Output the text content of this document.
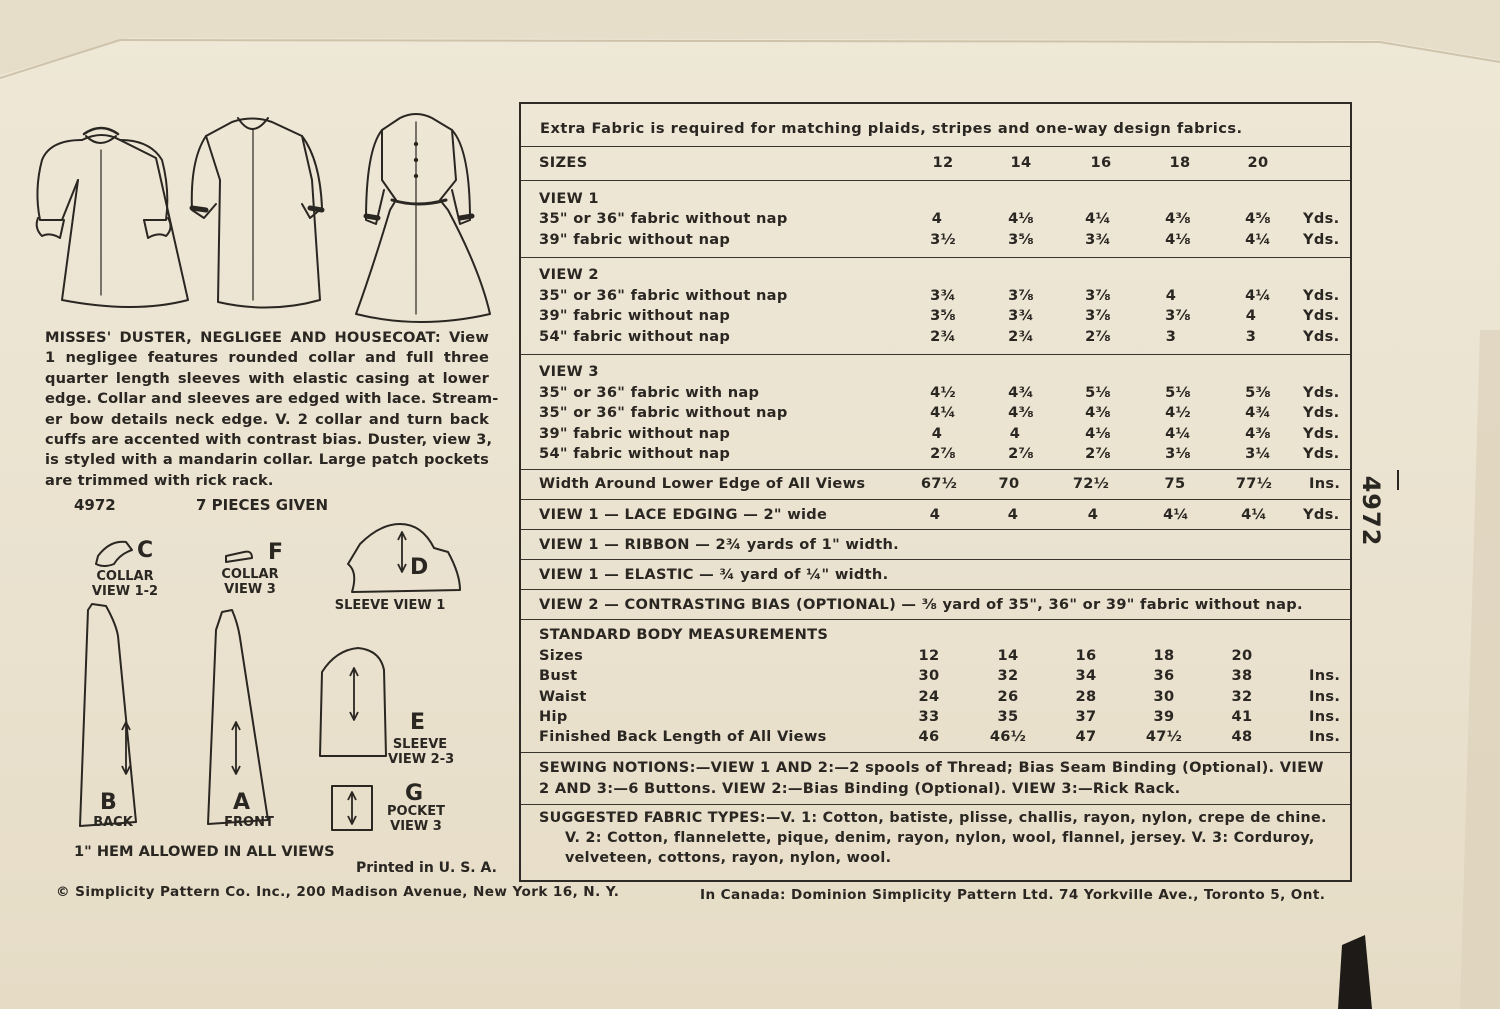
MISSES' DUSTER, NEGLIGEE AND HOUSECOAT: View
1 negligee features rounded collar and full three
quarter length sleeves with elastic casing at lower
edge. Collar and sleeves are edged with lace. Stream-
er bow details neck edge. V. 2 collar and turn back
cuffs are accented with contrast bias. Duster, view 3,
is styled with a mandarin collar. Large patch pockets
are trimmed with rick rack.
4972	7 PIECES GIVEN
C
COLLAR
VIEW 1-2
F
COLLAR
VIEW 3
D
SLEEVE VIEW 1
B
BACK
A
FRONT
E
SLEEVE
VIEW 2-3
G
POCKET
VIEW 3
1" HEM ALLOWED IN ALL VIEWS
Printed in U. S. A.
© Simplicity Pattern Co. Inc., 200 Madison Avenue, New York 16, N. Y.	In Canada: Dominion Simplicity Pattern Ltd. 74 Yorkville Ave., Toronto 5, Ont.
4972
Extra Fabric is required for matching plaids, stripes and one-way design fabrics.
SIZES	12	14	16	18	20
VIEW 1
35" or 36" fabric without nap	4	4⅛	4¼	4⅜	4⅝	Yds.
39" fabric without nap	3½	3⅝	3¾	4⅛	4¼	Yds.
VIEW 2
35" or 36" fabric without nap	3¾	3⅞	3⅞	4	4¼	Yds.
39" fabric without nap	3⅝	3¾	3⅞	3⅞	4	Yds.
54" fabric without nap	2¾	2¾	2⅞	3	3	Yds.
VIEW 3
35" or 36" fabric with nap	4½	4¾	5⅛	5⅛	5⅜	Yds.
35" or 36" fabric without nap	4¼	4⅜	4⅜	4½	4¾	Yds.
39" fabric without nap	4	4	4⅛	4¼	4⅜	Yds.
54" fabric without nap	2⅞	2⅞	2⅞	3⅛	3¼	Yds.
Width Around Lower Edge of All Views	67½	70	72½	75	77½	Ins.
VIEW 1 — LACE EDGING — 2" wide	4	4	4	4¼	4¼	Yds.
VIEW 1 — RIBBON — 2¾ yards of 1" width.
VIEW 1 — ELASTIC — ¾ yard of ¼" width.
VIEW 2 — CONTRASTING BIAS (OPTIONAL) — ⅜ yard of 35", 36" or 39" fabric without nap.
STANDARD BODY MEASUREMENTS
Sizes	12	14	16	18	20
Bust	30	32	34	36	38	Ins.
Waist	24	26	28	30	32	Ins.
Hip	33	35	37	39	41	Ins.
Finished Back Length of All Views	46	46½	47	47½	48	Ins.
SEWING NOTIONS:—VIEW 1 AND 2:—2 spools of Thread; Bias Seam Binding (Optional). VIEW
2 AND 3:—6 Buttons. VIEW 2:—Bias Binding (Optional). VIEW 3:—Rick Rack.
SUGGESTED FABRIC TYPES:—V. 1: Cotton, batiste, plisse, challis, rayon, nylon, crepe de chine.
V. 2: Cotton, flannelette, pique, denim, rayon, nylon, wool, flannel, jersey. V. 3: Corduroy,
velveteen, cottons, rayon, nylon, wool.
